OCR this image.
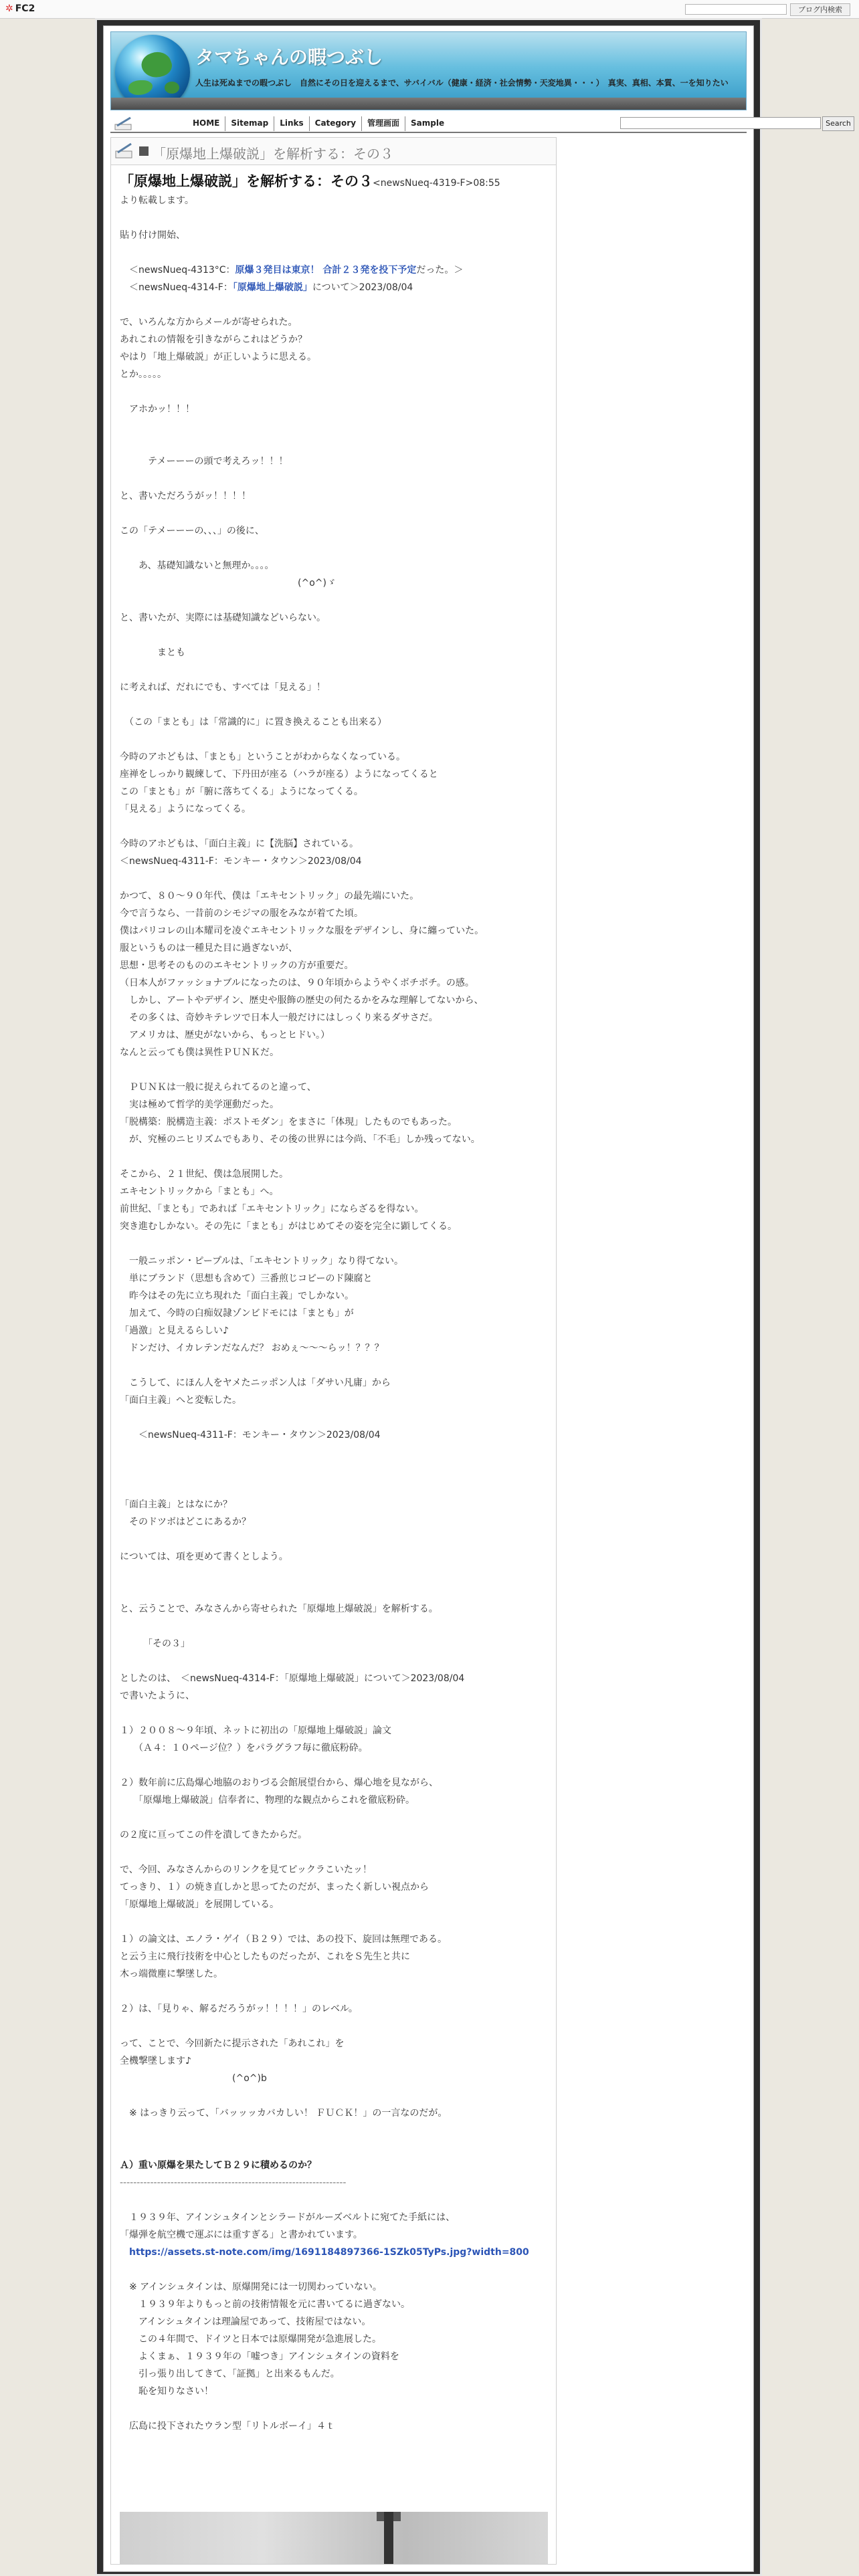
✲ FC2	ブログ内検索
タマちゃんの暇つぶし
人生は死ぬまでの暇つぶし　自然にその日を迎えるまで、サバイバル（健康・経済・社会情勢・天変地異・・・）　真実、真相、本質、一を知りたい
HOME	Sitemap	Links	Category	管理画面	Sample	Search
「原爆地上爆破説」を解析する：その３
「原爆地上爆破説」を解析する：その３<newsNueq-4319-F>08:55
より転載します。
貼り付け開始、
　＜newsNueq-4313°C：原爆３発目は東京！ 合計２３発を投下予定だった。＞
　＜newsNueq-4314-F：「原爆地上爆破説」について＞2023/08/04
で、いろんな方からメールが寄せられた。
あれこれの情報を引きながらこれはどうか？
やはり「地上爆破説」が正しいように思える。
とか。。。。。
　アホかッ！！！
　　　テメーーーの頭で考えろッ！！！
と、書いただろうがッ！！！！
この「テメーーーの、、、」の後に、
　　あ、基礎知識ないと無理か。。。。
　　　　　　　　　　　　　　　　　　　(^o^)ゞ
と、書いたが、実際には基礎知識などいらない。
　　　　まとも
に考えれば、だれにでも、すべては「見える」！
　（この「まとも」は「常識的に」に置き換えることも出来る）
今時のアホどもは、「まとも」ということがわからなくなっている。
座禅をしっかり観練して、下丹田が座る（ハラが座る）ようになってくると
この「まとも」が「腑に落ちてくる」ようになってくる。
「見える」ようになってくる。
今時のアホどもは、「面白主義」に【洗脳】されている。
＜newsNueq-4311-F：モンキー・タウン＞2023/08/04
かつて、８０～９０年代、僕は「エキセントリック」の最先端にいた。
今で言うなら、一昔前のシモジマの服をみなが着てた頃。
僕はパリコレの山本耀司を凌ぐエキセントリックな服をデザインし、身に纏っていた。
服というものは一種見た目に過ぎないが、
思想・思考そのもののエキセントリックの方が重要だ。
（日本人がファッショナブルになったのは、９０年頃からようやくボチボチ。の感。
　しかし、アートやデザイン、歴史や服飾の歴史の何たるかをみな理解してないから、
　その多くは、奇妙キテレツで日本人一般だけにはしっくり来るダサさだ。
　アメリカは、歴史がないから、もっとヒドい。）
なんと云っても僕は異性ＰＵＮＫだ。
　ＰＵＮＫは一般に捉えられてるのと違って、
　実は極めて哲学的美学運動だった。
「脱構築：脱構造主義：ポストモダン」をまさに「体現」したものでもあった。
　が、究極のニヒリズムでもあり、その後の世界には今尚、「不毛」しか残ってない。
そこから、２１世紀、僕は急展開した。
エキセントリックから「まとも」へ。
前世紀、「まとも」であれば「エキセントリック」にならざるを得ない。
突き進むしかない。その先に「まとも」がはじめてその姿を完全に顕してくる。
　一般ニッポン・ピープルは、「エキセントリック」なり得てない。
　単にブランド（思想も含めて）三番煎じコピーのド陳腐と
　昨今はその先に立ち現れた「面白主義」でしかない。
　加えて、今時の白痴奴隷ゾンビドモには「まとも」が
「過激」と見えるらしい♪
　ドンだけ、イカレテンだなんだ？ おめぇ～～～らッ！？？？
　こうして、にほん人をヤメたニッポン人は「ダサい凡庸」から
「面白主義」へと変転した。
　　＜newsNueq-4311-F：モンキー・タウン＞2023/08/04
「面白主義」とはなにか？
　そのドツボはどこにあるか？
については、項を更めて書くとしよう。
と、云うことで、みなさんから寄せられた「原爆地上爆破説」を解析する。
　　　「その３」
としたのは、　＜newsNueq-4314-F：「原爆地上爆破説」について＞2023/08/04
で書いたように、
１）２００８～９年頃、ネットに初出の「原爆地上爆破説」論文
　　（Ａ４：１０ページ位？）をパラグラフ毎に徹底粉砕。
２）数年前に広島爆心地脇のおりづる会館展望台から、爆心地を見ながら、
　　「原爆地上爆破説」信奉者に、物理的な観点からこれを徹底粉砕。
の２度に亘ってこの件を潰してきたからだ。
で、今回、みなさんからのリンクを見てピックラこいたッ！
てっきり、１）の焼き直しかと思ってたのだが、まったく新しい視点から
「原爆地上爆破説」を展開している。
１）の論文は、エノラ・ゲイ（Ｂ２９）では、あの投下、旋回は無理である。
と云う主に飛行技術を中心としたものだったが、これをＳ先生と共に
木っ端微塵に撃墜した。
２）は、「見りゃ、解るだろうがッ！！！！」のレベル。
って、ことで、今回新たに提示された「あれこれ」を
全機撃墜します♪
　　　　　　　　　　　　(^o^)b
　※ はっきり云って、「バッッッカバカしい！ ＦＵＣＫ！」の一言なのだが。
Ａ）重い原爆を果たしてＢ２９に積めるのか？
-------------------------------------------------------------------
　１９３９年、アインシュタインとシラードがルーズベルトに宛てた手紙には、
「爆弾を航空機で運ぶには重すぎる」と書かれています。
　https://assets.st-note.com/img/1691184897366-1SZk05TyPs.jpg?width=800
　※ アインシュタインは、原爆開発には一切関わっていない。
　　１９３９年よりもっと前の技術情報を元に書いてるに過ぎない。
　　アインシュタインは理論屋であって、技術屋ではない。
　　この４年間で、ドイツと日本では原爆開発が急進展した。
　　よくまぁ、１９３９年の「嘘つき」アインシュタインの資料を
　　引っ張り出してきて、「証拠」と出来るもんだ。
　　恥を知りなさい！
　広島に投下されたウラン型「リトルボーイ」４ｔ
